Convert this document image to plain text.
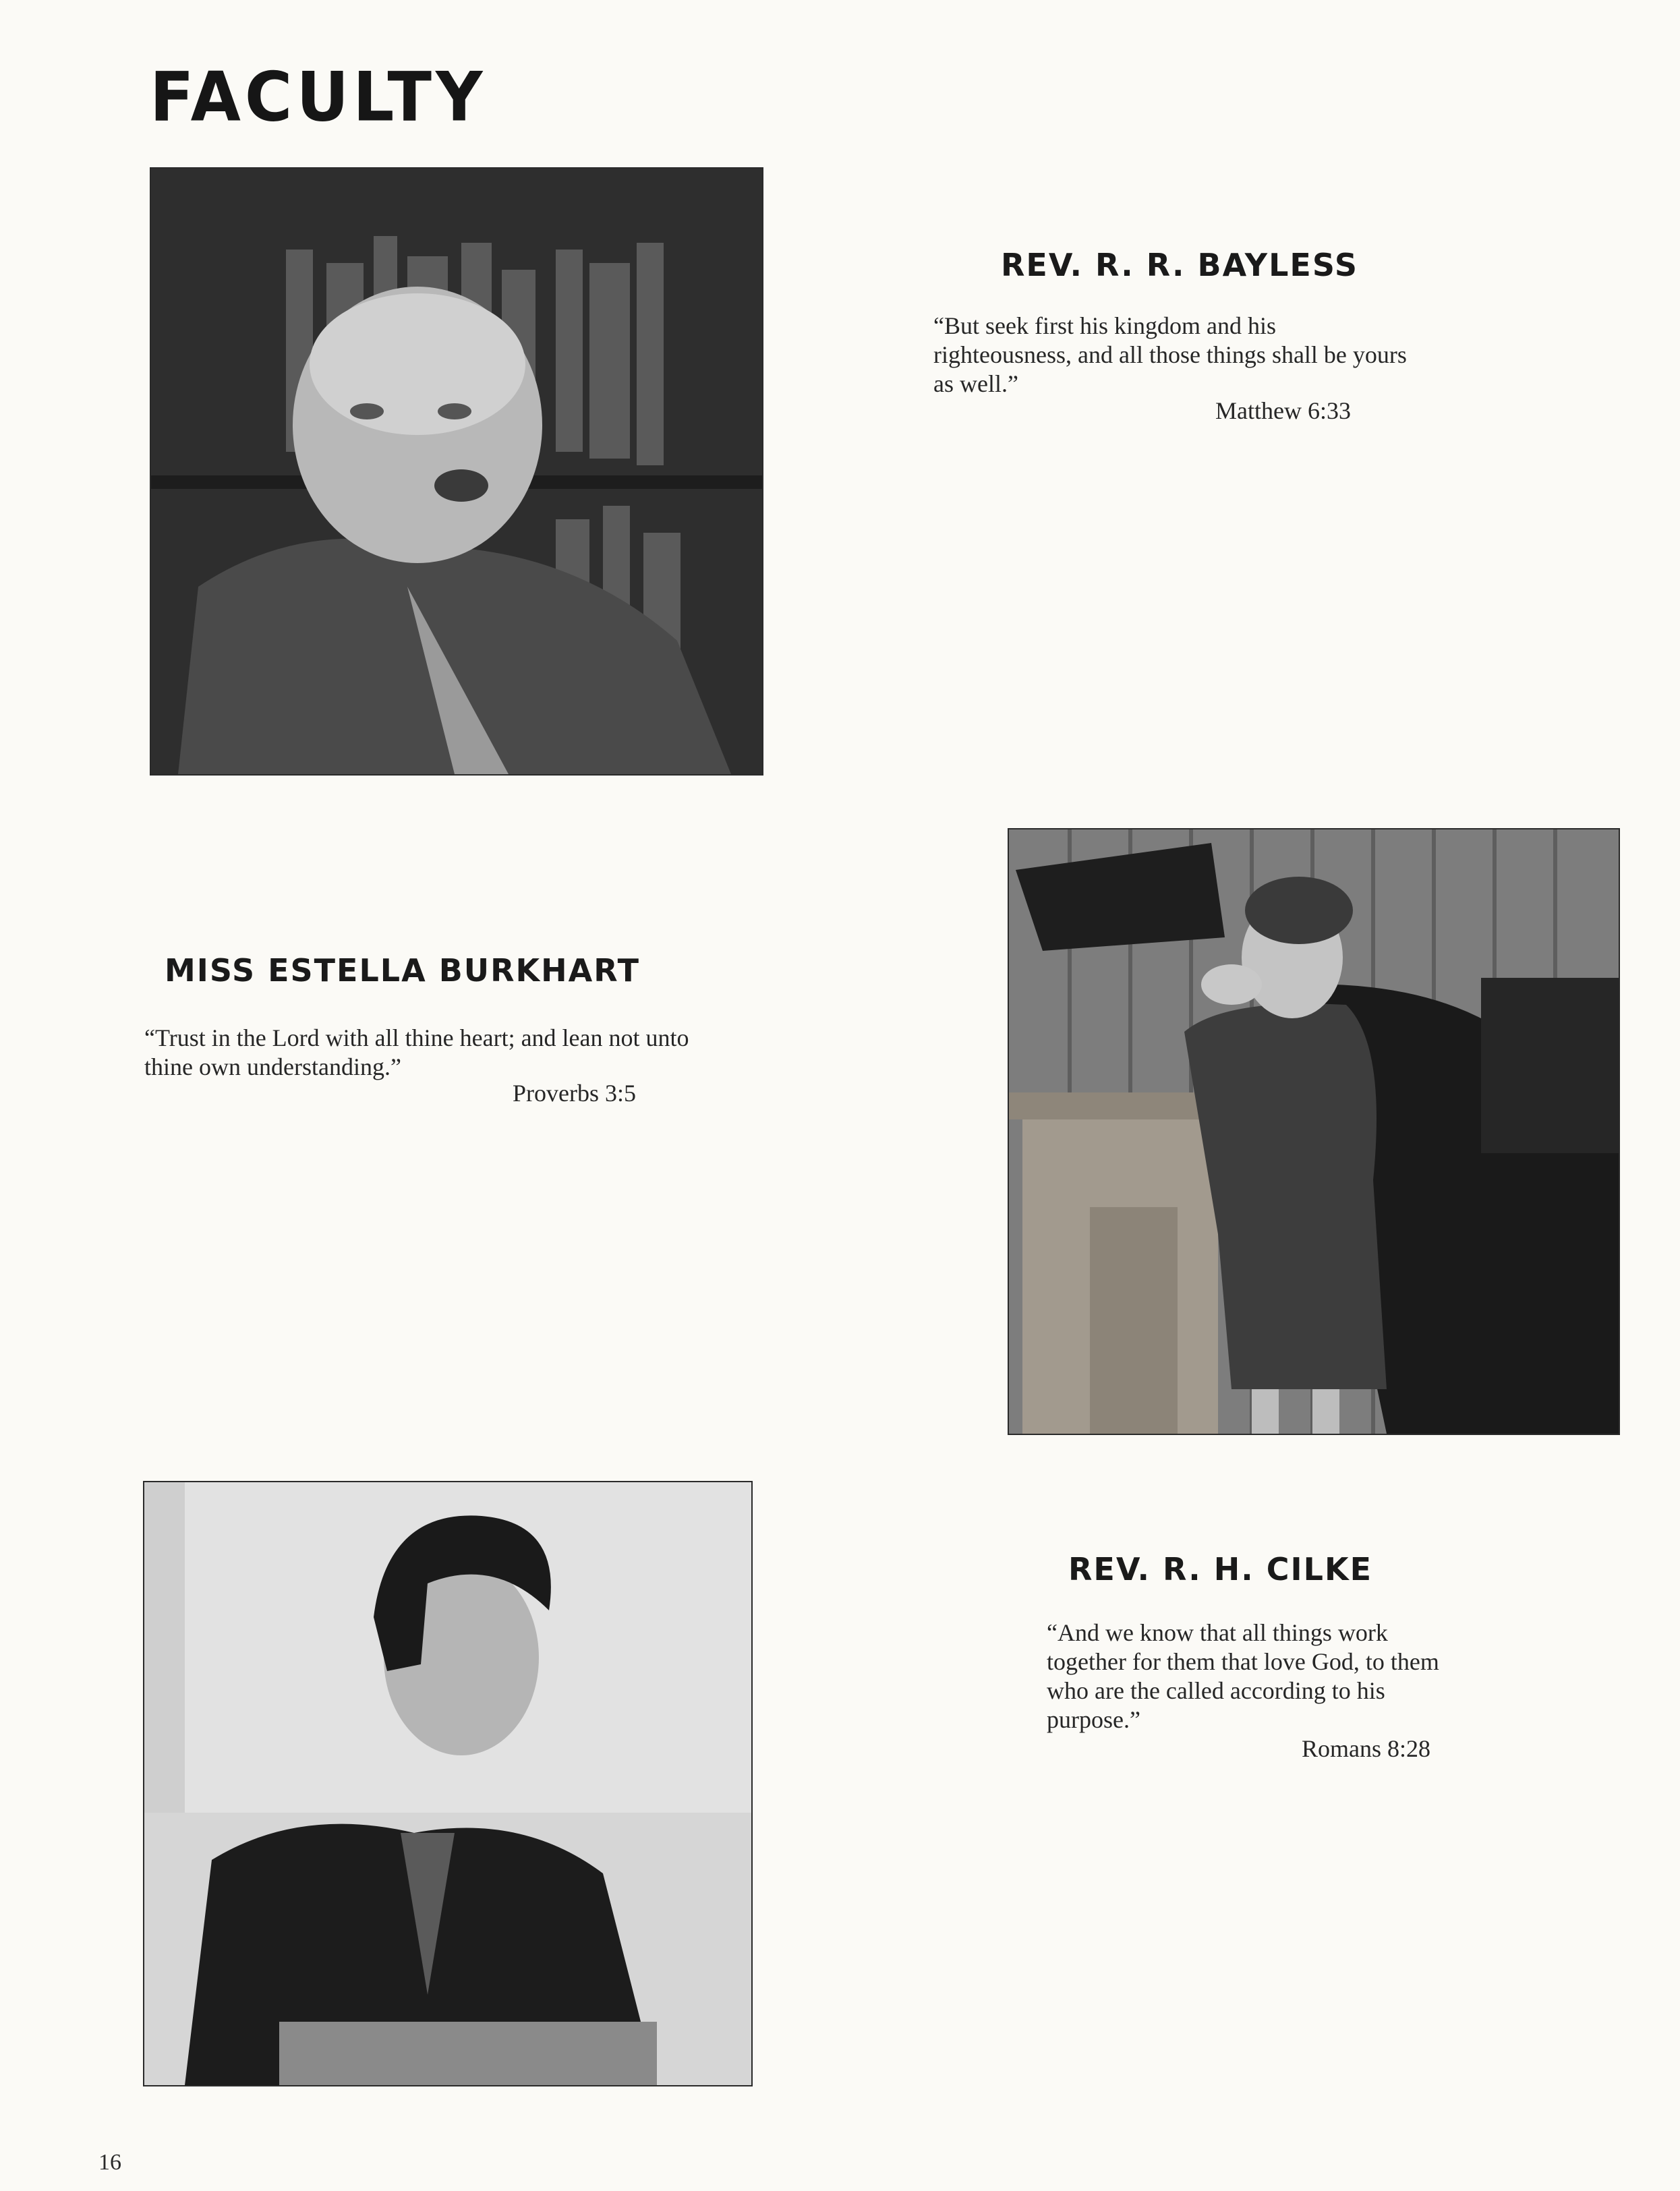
FACULTY
REV. R. R. BAYLESS

“But seek first his kingdom and his righteousness, and all those things shall be yours as well.”

Matthew 6:33
MISS ESTELLA BURKHART

“Trust in the Lord with all thine heart; and lean not unto thine own understanding.”

Proverbs 3:5
REV. R. H. CILKE

“And we know that all things work together for them that love God, to them who are the called according to his purpose.”

Romans 8:28
16
